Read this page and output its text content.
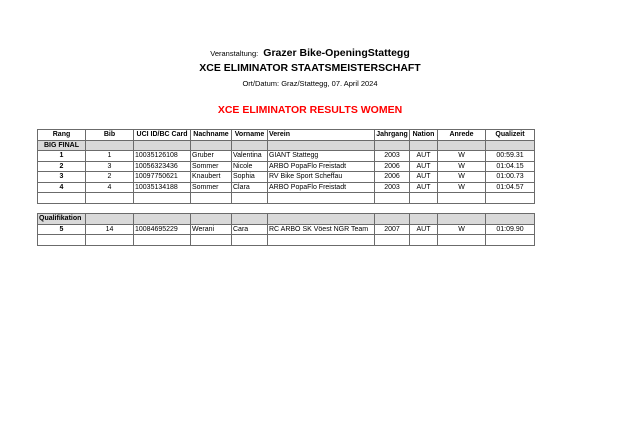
Veranstaltung: Grazer Bike-OpeningStattegg
XCE ELIMINATOR STAATSMEISTERSCHAFT
Ort/Datum: Graz/Stattegg, 07. April 2024
XCE ELIMINATOR RESULTS WOMEN
Rang	Bib	UCI ID/BC Card	Nachname	Vorname	Verein	Jahrgang	Nation	Anrede	Qualizeit
BIG FINAL									
1	1	10035126108	Gruber	Valentina	GIANT Stattegg	2003	AUT	W	00:59.31
2	3	10056323436	Sommer	Nicole	ARBÖ PopaFlo Freistadt	2006	AUT	W	01:04.15
3	2	10097750621	Knaubert	Sophia	RV Bike Sport Scheffau	2006	AUT	W	01:00.73
4	4	10035134188	Sommer	Clara	ARBÖ PopaFlo Freistadt	2003	AUT	W	01:04.57

Qualifikation									
5	14	10084695229	Werani	Cara	RC ARBÖ SK Vöest NGR Team	2007	AUT	W	01:09.90
